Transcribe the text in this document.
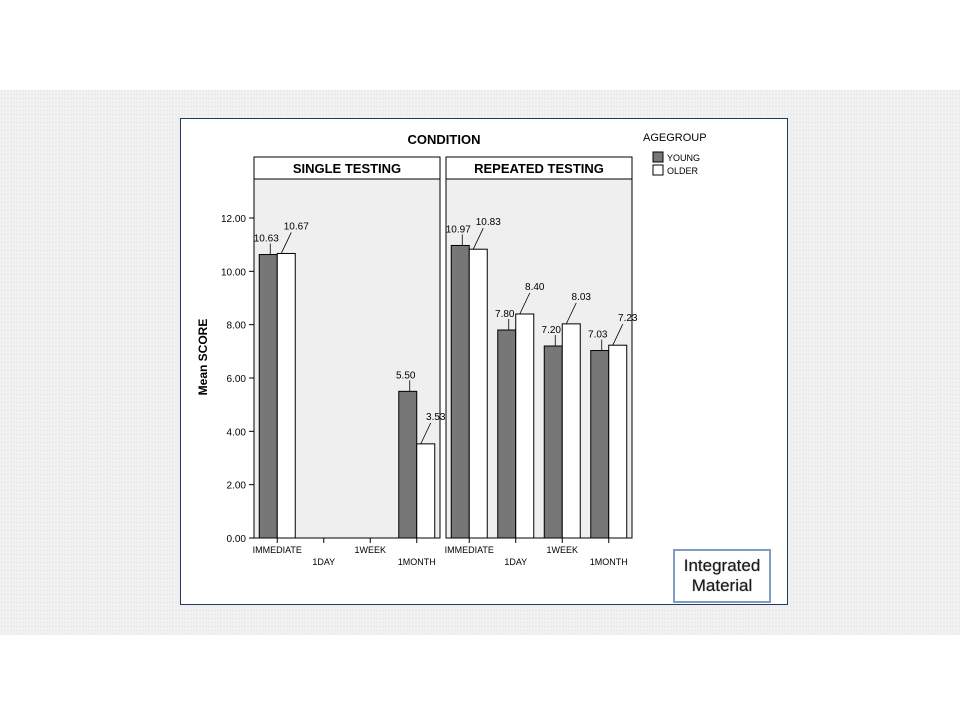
CONDITION
Mean SCORE
SINGLE TESTING
IMMEDIATE
10.63
10.67
1DAY
1WEEK
1MONTH
5.50
3.53
REPEATED TESTING
IMMEDIATE
10.97
10.83
1DAY
7.80
8.40
1WEEK
7.20
8.03
1MONTH
7.03
7.23
AGEGROUP
YOUNG
OLDER
0.00
2.00
4.00
6.00
8.00
10.00
12.00
Integrated
Material
